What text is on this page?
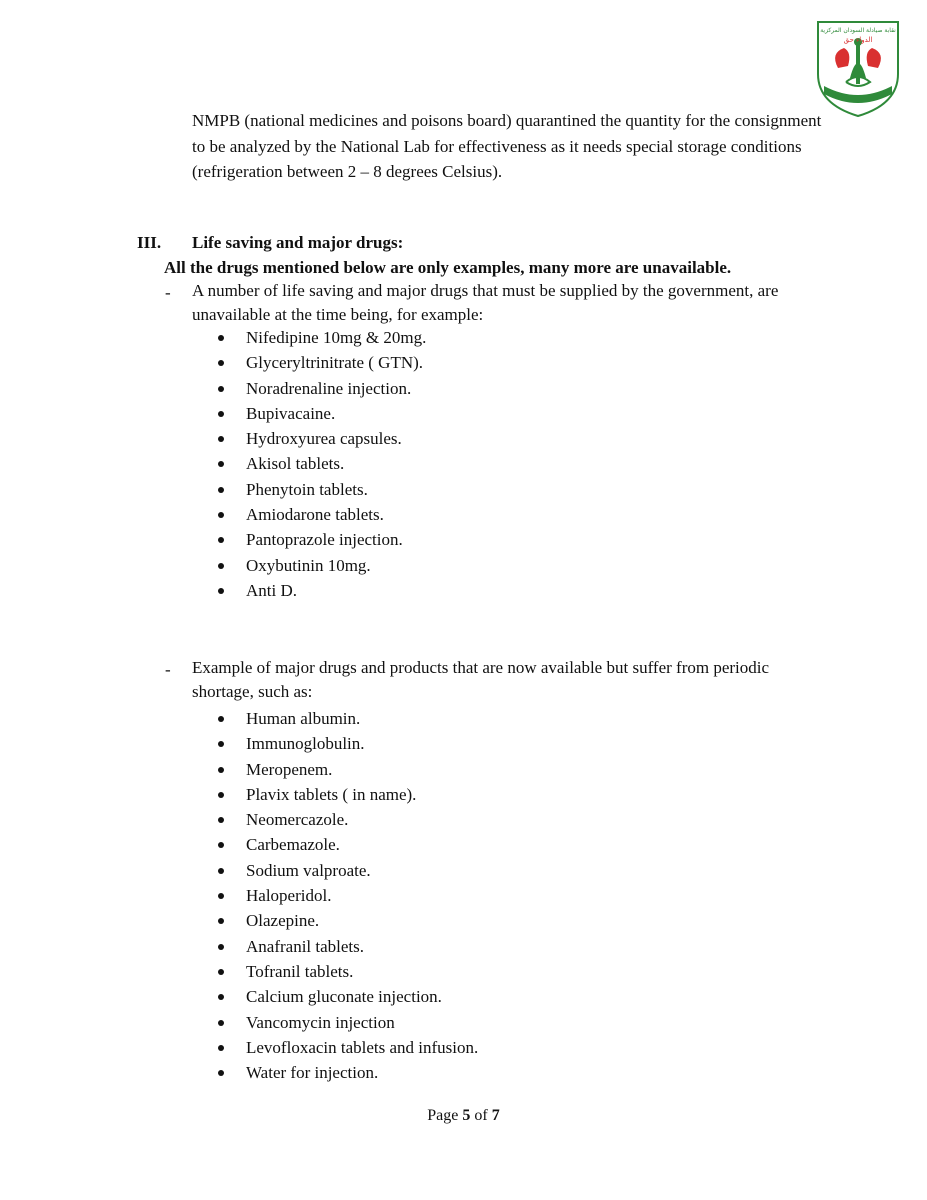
نقابة صيادلة السودان المركزية
الدواء حق

NMPB (national medicines and poisons board) quarantined the quantity for the consignment to be analyzed by the National Lab for effectiveness as it needs special storage conditions (refrigeration between 2 – 8 degrees Celsius).

III. Life saving and major drugs:
All the drugs mentioned below are only examples, many more are unavailable.
- A number of life saving and major drugs that must be supplied by the government, are unavailable at the time being, for example:

Nifedipine 10mg & 20mg.
Glyceryltrinitrate ( GTN).
Noradrenaline injection.
Bupivacaine.
Hydroxyurea capsules.
Akisol tablets.
Phenytoin tablets.
Amiodarone tablets.
Pantoprazole injection.
Oxybutinin 10mg.
Anti D.
- Example of major drugs and products that are now available but suffer from periodic shortage, such as:

Human albumin.
Immunoglobulin.
Meropenem.
Plavix tablets ( in name).
Neomercazole.
Carbemazole.
Sodium valproate.
Haloperidol.
Olazepine.
Anafranil tablets.
Tofranil tablets.
Calcium gluconate injection.
Vancomycin injection
Levofloxacin tablets and infusion.
Water for injection.
Page 5 of 7
